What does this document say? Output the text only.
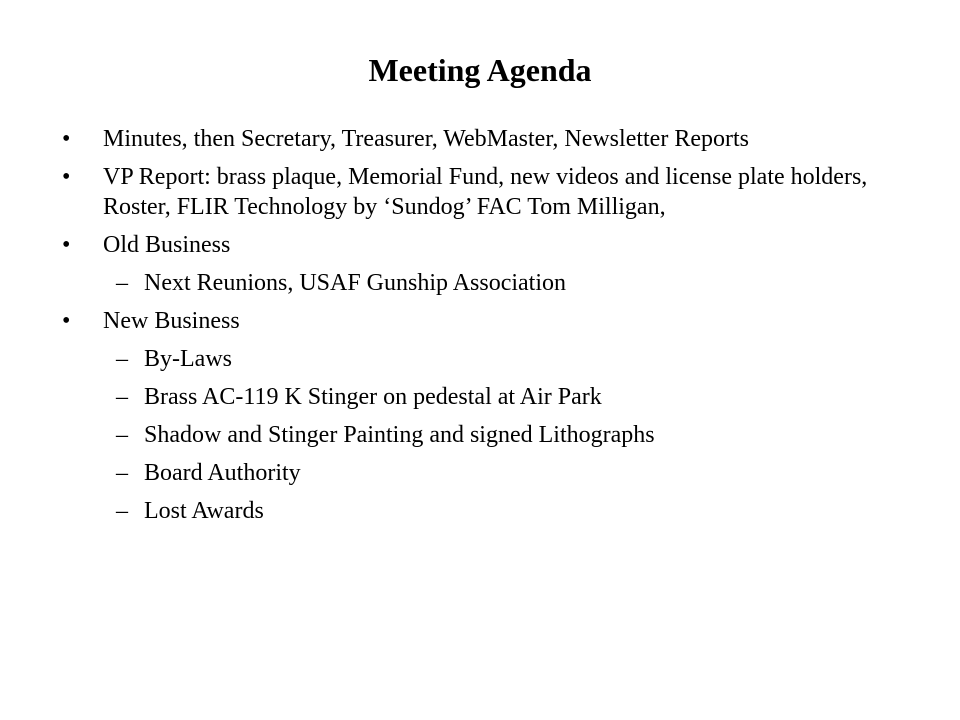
Meeting Agenda
• Minutes, then Secretary, Treasurer, WebMaster, Newsletter Reports
• VP Report: brass plaque, Memorial Fund, new videos and license plate holders, Roster, FLIR Technology by ‘Sundog’ FAC Tom Milligan,
• Old Business
– Next Reunions, USAF Gunship Association
• New Business
– By-Laws
– Brass AC-119 K Stinger on pedestal at Air Park
– Shadow and Stinger Painting and signed Lithographs
– Board Authority
– Lost Awards
